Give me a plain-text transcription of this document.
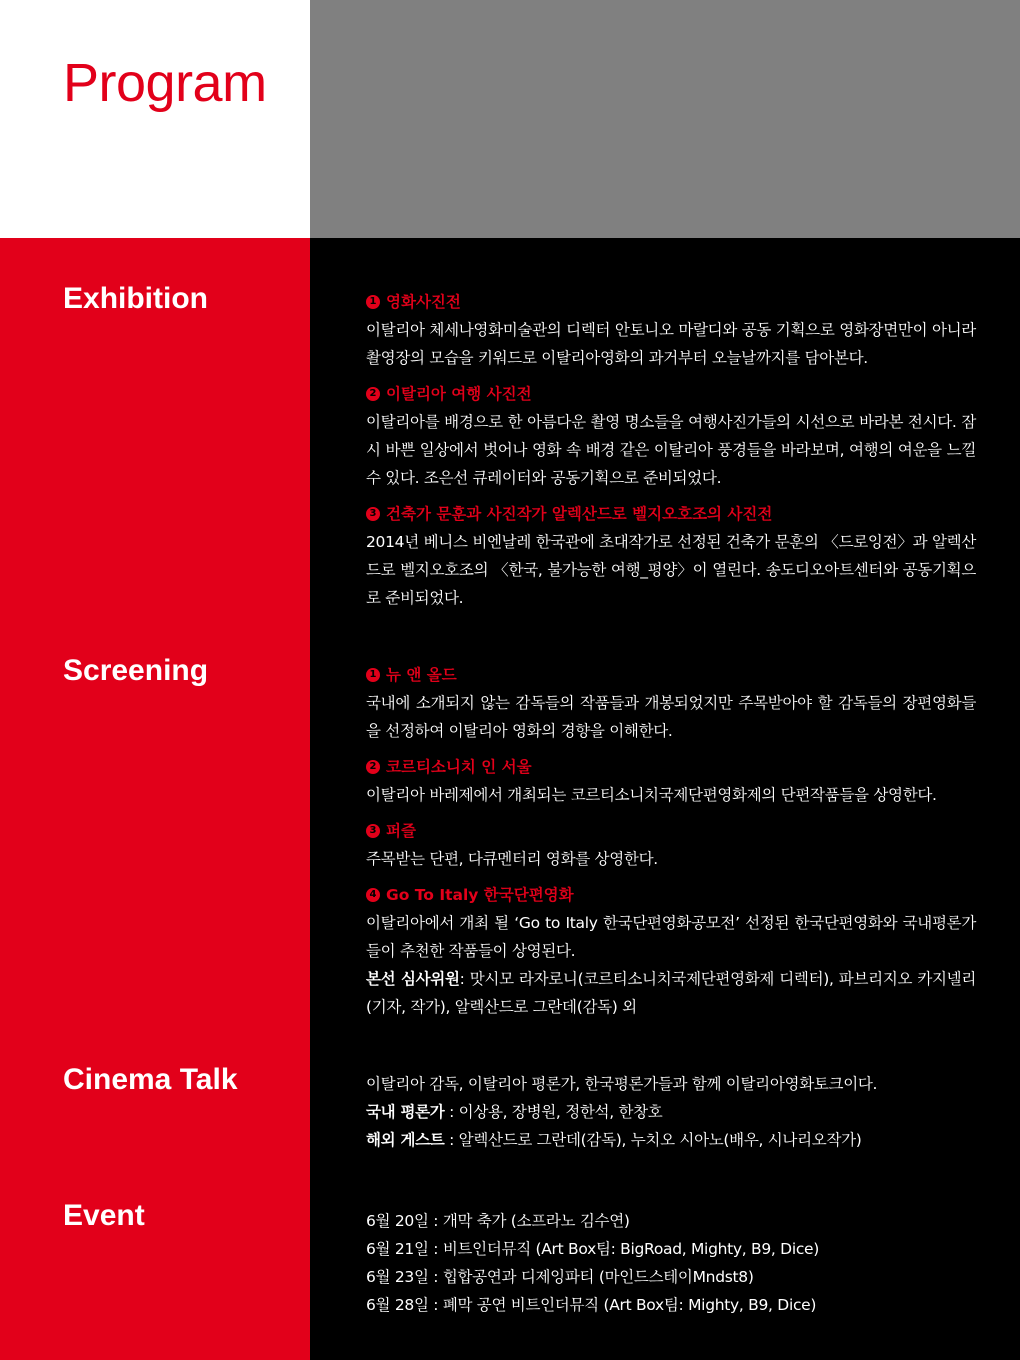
Program
Exhibition	1 영화사진전
이탈리아 체세나영화미술관의 디렉터 안토니오 마랄디와 공동 기획으로 영화장면만이 아니라 촬영장의 모습을 키워드로 이탈리아영화의 과거부터 오늘날까지를 담아본다.
2 이탈리아 여행 사진전
이탈리아를 배경으로 한 아름다운 촬영 명소들을 여행사진가들의 시선으로 바라본 전시다. 잠시 바쁜 일상에서 벗어나 영화 속 배경 같은 이탈리아 풍경들을 바라보며, 여행의 여운을 느낄 수 있다. 조은선 큐레이터와 공동기획으로 준비되었다.
3 건축가 문훈과 사진작가 알렉산드로 벨지오호조의 사진전
2014년 베니스 비엔날레 한국관에 초대작가로 선정된 건축가 문훈의 〈드로잉전〉과 알렉산드로 벨지오호조의 〈한국, 불가능한 여행_평양〉이 열린다. 송도디오아트센터와 공동기획으로 준비되었다.
Screening	1 뉴 앤 올드
국내에 소개되지 않는 감독들의 작품들과 개봉되었지만 주목받아야 할 감독들의 장편영화들을 선정하여 이탈리아 영화의 경향을 이해한다.
2 코르티소니치 인 서울
이탈리아 바레제에서 개최되는 코르티소니치국제단편영화제의 단편작품들을 상영한다.
3 퍼즐
주목받는 단편, 다큐멘터리 영화를 상영한다.
4 Go To Italy 한국단편영화
이탈리아에서 개최 될 ‘Go to Italy 한국단편영화공모전’ 선정된 한국단편영화와 국내평론가들이 추천한 작품들이 상영된다.
본선 심사위원: 맛시모 라자로니(코르티소니치국제단편영화제 디렉터), 파브리지오 카지넬리(기자, 작가), 알렉산드로 그란데(감독) 외
Cinema Talk	이탈리아 감독, 이탈리아 평론가, 한국평론가들과 함께 이탈리아영화토크이다.
국내 평론가 : 이상용, 장병원, 정한석, 한창호
해외 게스트 : 알렉산드로 그란데(감독), 누치오 시아노(배우, 시나리오작가)
Event	6월 20일 : 개막 축가 (소프라노 김수연)
6월 21일 : 비트인더뮤직 (Art Box팀: BigRoad, Mighty, B9, Dice)
6월 23일 : 힙합공연과 디제잉파티 (마인드스테이Mndst8)
6월 28일 : 폐막 공연 비트인더뮤직 (Art Box팀: Mighty, B9, Dice)
